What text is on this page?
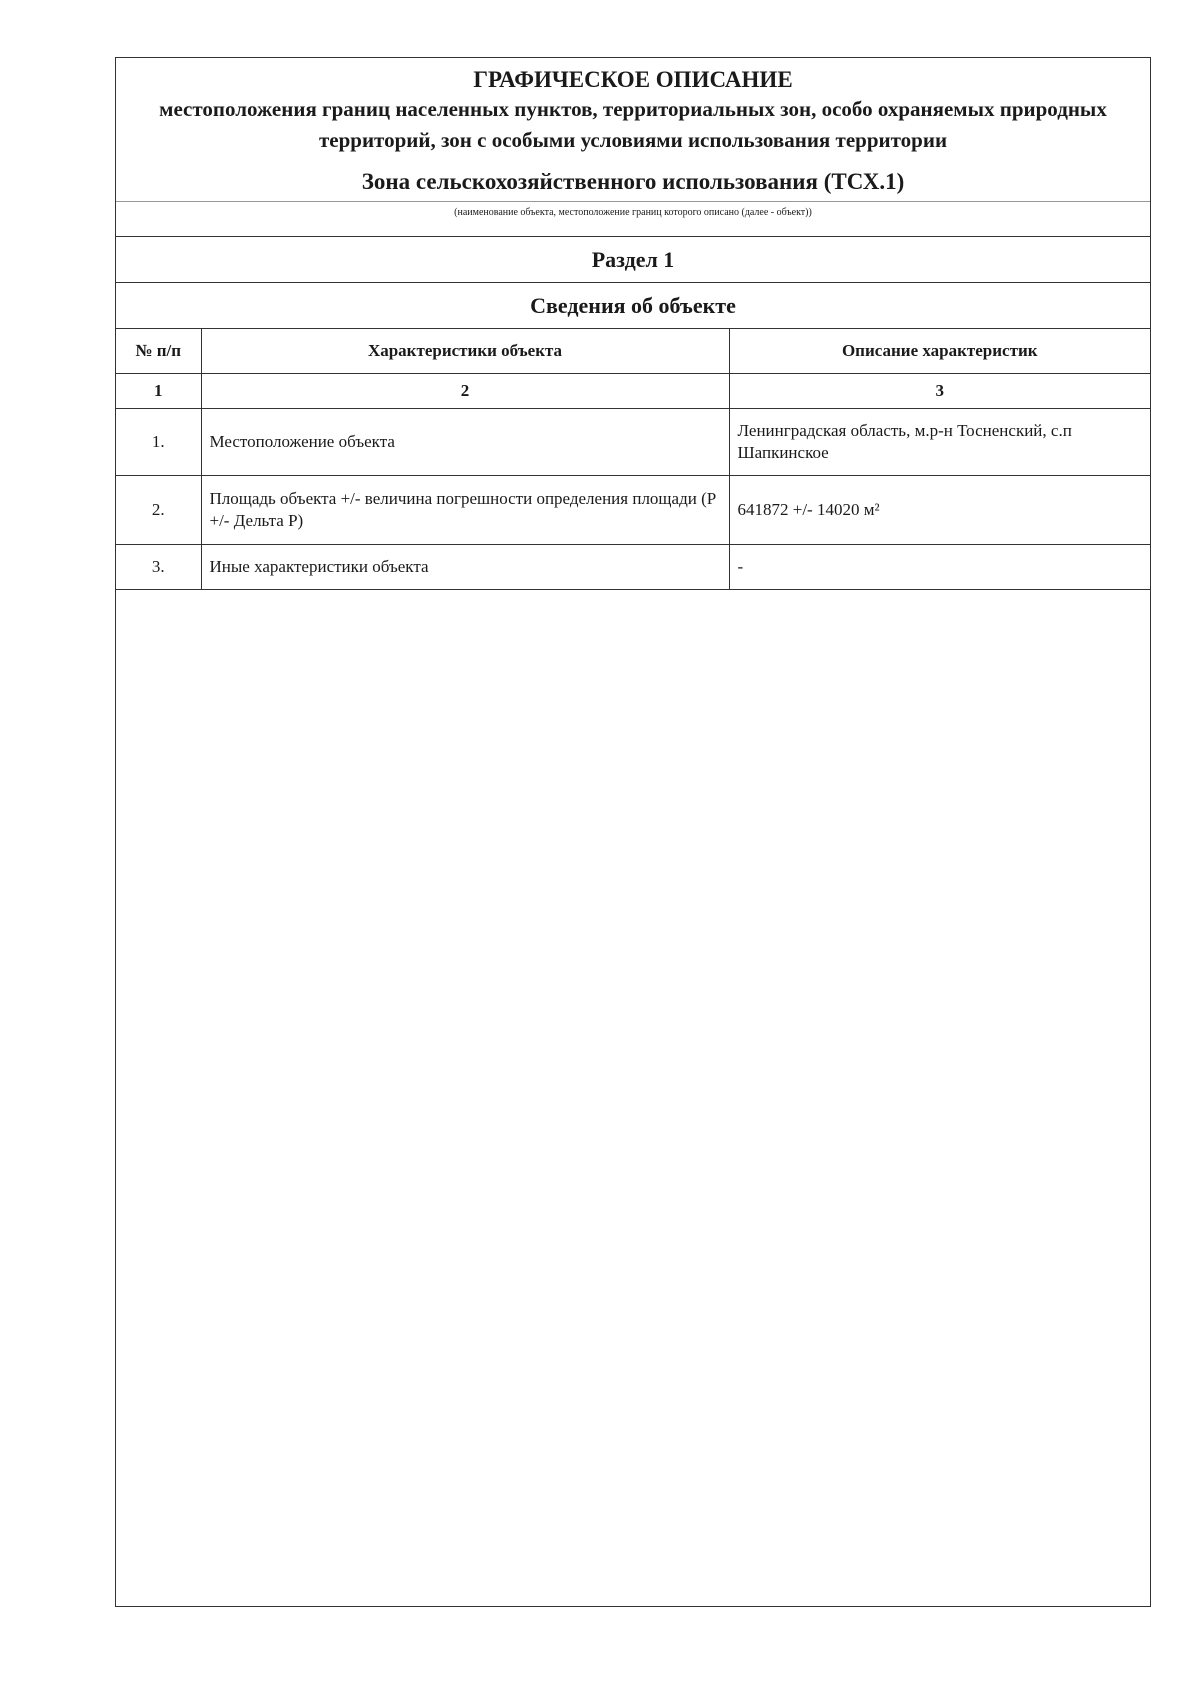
ГРАФИЧЕСКОЕ ОПИСАНИЕ
местоположения границ населенных пунктов, территориальных зон, особо охраняемых природных территорий, зон с особыми условиями использования территории
Зона сельскохозяйственного использования (ТСХ.1)
(наименование объекта, местоположение границ которого описано (далее - объект))
Раздел 1
Сведения об объекте
№ п/п	Характеристики объекта	Описание характеристик
1	2	3
1.	Местоположение объекта	Ленинградская область, м.р-н Тосненский, с.п Шапкинское
2.	Площадь объекта +/- величина погрешности определения площади (Р +/- Дельта Р)	641872 +/- 14020 м²
3.	Иные характеристики объекта	-
